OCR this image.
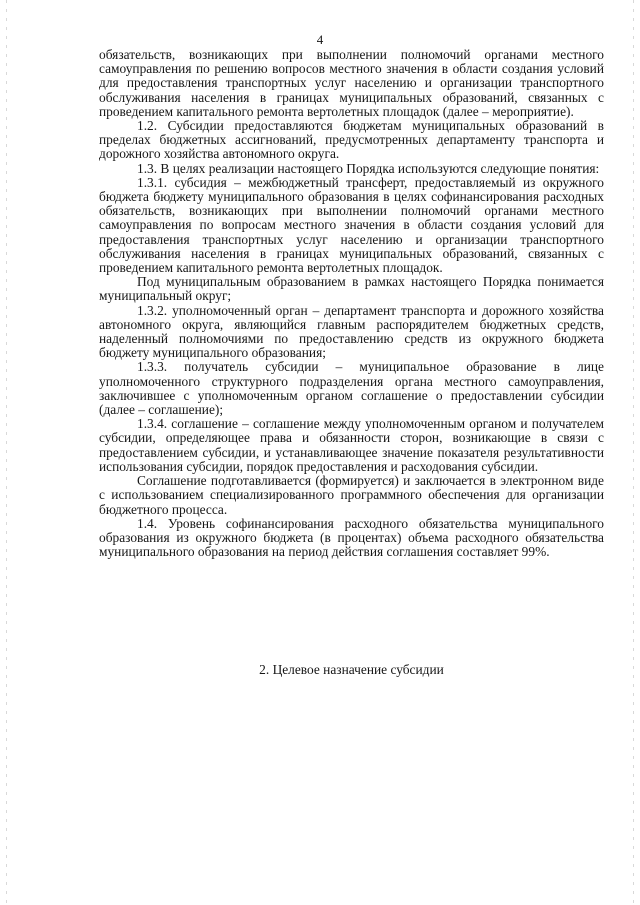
4

обязательств, возникающих при выполнении полномочий органами местного самоуправления по решению вопросов местного значения в области создания условий для предоставления транспортных услуг населению и организации транспортного обслуживания населения в границах муниципальных образований, связанных с проведением капитального ремонта вертолетных площадок (далее – мероприятие).

1.2. Субсидии предоставляются бюджетам муниципальных образований в пределах бюджетных ассигнований, предусмотренных департаменту транспорта и дорожного хозяйства автономного округа.

1.3. В целях реализации настоящего Порядка используются следующие понятия:

1.3.1. субсидия – межбюджетный трансферт, предоставляемый из окружного бюджета бюджету муниципального образования в целях софинансирования расходных обязательств, возникающих при выполнении полномочий органами местного самоуправления по вопросам местного значения в области создания условий для предоставления транспортных услуг населению и организации транспортного обслуживания населения в границах муниципальных образований, связанных с проведением капитального ремонта вертолетных площадок.

Под муниципальным образованием в рамках настоящего Порядка понимается муниципальный округ;

1.3.2. уполномоченный орган – департамент транспорта и дорожного хозяйства автономного округа, являющийся главным распорядителем бюджетных средств, наделенный полномочиями по предоставлению средств из окружного бюджета бюджету муниципального образования;

1.3.3. получатель субсидии – муниципальное образование в лице уполномоченного структурного подразделения органа местного самоуправления, заключившее с уполномоченным органом соглашение о предоставлении субсидии (далее – соглашение);

1.3.4. соглашение – соглашение между уполномоченным органом и получателем субсидии, определяющее права и обязанности сторон, возникающие в связи с предоставлением субсидии, и устанавливающее значение показателя результативности использования субсидии, порядок предоставления и расходования субсидии.

Соглашение подготавливается (формируется) и заключается в электронном виде с использованием специализированного программного обеспечения для организации бюджетного процесса.

1.4. Уровень софинансирования расходного обязательства муниципального образования из окружного бюджета (в процентах) объема расходного обязательства муниципального образования на период действия соглашения составляет 99%.

2. Целевое назначение субсидии
